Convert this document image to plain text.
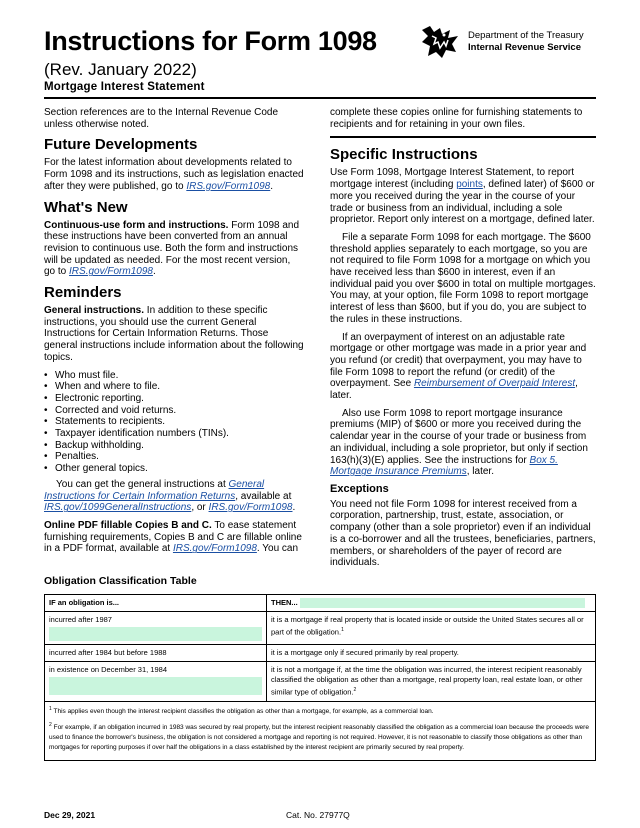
Instructions for Form 1098
(Rev. January 2022)
Mortgage Interest Statement
Department of the Treasury
Internal Revenue Service

Section references are to the Internal Revenue Code unless otherwise noted.

Future Developments

For the latest information about developments related to Form 1098 and its instructions, such as legislation enacted after they were published, go to IRS.gov/Form1098.

What's New

Continuous-use form and instructions. Form 1098 and these instructions have been converted from an annual revision to continuous use. Both the form and instructions will be updated as needed. For the most recent version, go to IRS.gov/Form1098.

Reminders

General instructions. In addition to these specific instructions, you should use the current General Instructions for Certain Information Returns. Those general instructions include information about the following topics.

• Who must file.
• When and where to file.
• Electronic reporting.
• Corrected and void returns.
• Statements to recipients.
• Taxpayer identification numbers (TINs).
• Backup withholding.
• Penalties.
• Other general topics.

You can get the general instructions at General Instructions for Certain Information Returns, available at IRS.gov/1099GeneralInstructions, or IRS.gov/Form1098.

Online PDF fillable Copies B and C. To ease statement furnishing requirements, Copies B and C are fillable online in a PDF format, available at IRS.gov/Form1098. You can

complete these copies online for furnishing statements to recipients and for retaining in your own files.

Specific Instructions

Use Form 1098, Mortgage Interest Statement, to report mortgage interest (including points, defined later) of $600 or more you received during the year in the course of your trade or business from an individual, including a sole proprietor. Report only interest on a mortgage, defined later.

File a separate Form 1098 for each mortgage. The $600 threshold applies separately to each mortgage, so you are not required to file Form 1098 for a mortgage on which you have received less than $600 in interest, even if an individual paid you over $600 in total on multiple mortgages. You may, at your option, file Form 1098 to report mortgage interest of less than $600, but if you do, you are subject to the rules in these instructions.

If an overpayment of interest on an adjustable rate mortgage or other mortgage was made in a prior year and you refund (or credit) that overpayment, you may have to file Form 1098 to report the refund (or credit) of the overpayment. See Reimbursement of Overpaid Interest, later.

Also use Form 1098 to report mortgage insurance premiums (MIP) of $600 or more you received during the calendar year in the course of your trade or business from an individual, including a sole proprietor, but only if section 163(h)(3)(E) applies. See the instructions for Box 5. Mortgage Insurance Premiums, later.

Exceptions

You need not file Form 1098 for interest received from a corporation, partnership, trust, estate, association, or company (other than a sole proprietor) even if an individual is a co-borrower and all the trustees, beneficiaries, partners, members, or shareholders of the payer of record are individuals.

Obligation Classification Table
IF an obligation is...	THEN...
incurred after 1987	it is a mortgage if real property that is located inside or outside the United States secures all or part of the obligation.$^1$
incurred after 1984 but before 1988	it is a mortgage only if secured primarily by real property.
in existence on December 31, 1984	it is not a mortgage if, at the time the obligation was incurred, the interest recipient reasonably classified the obligation as other than a mortgage, real property loan, real estate loan, or other similar type of obligation.$^2$

$^1$ This applies even though the interest recipient classifies the obligation as other than a mortgage, for example, as a commercial loan.

$^2$ For example, if an obligation incurred in 1983 was secured by real property, but the interest recipient reasonably classified the obligation as a commercial loan because the proceeds were used to finance the borrower's business, the obligation is not considered a mortgage and reporting is not required. However, it is not reasonable to classify those obligations as other than mortgages for reporting purposes if over half the obligations in a class established by the interest recipient are primarily secured by real property.

Dec 29, 2021	Cat. No. 27977Q
